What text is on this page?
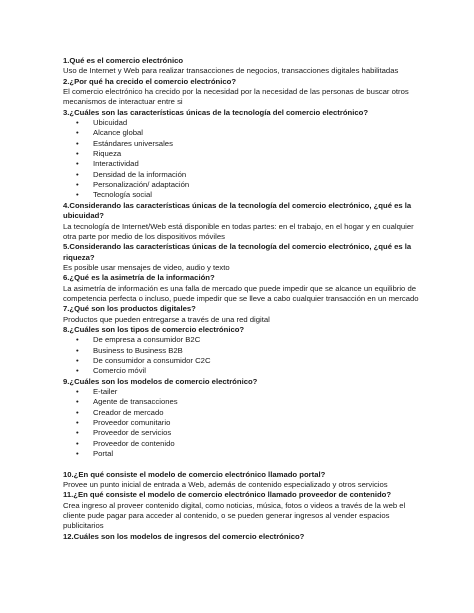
1.Qué es el comercio electrónico
Uso de Internet y Web para realizar transacciones de negocios, transacciones digitales habilitadas
2.¿Por qué ha crecido el comercio electrónico?
El comercio electrónico ha crecido por la necesidad por la necesidad de las personas de buscar otros mecanismos de interactuar entre si
3.¿Cuáles son las características únicas de la tecnología del comercio electrónico?
• Ubicuidad
• Alcance global
• Estándares universales
• Riqueza
• Interactividad
• Densidad de la información
• Personalización/ adaptación
• Tecnología social
4.Considerando las características únicas de la tecnología del comercio electrónico, ¿qué es la ubicuidad?
La tecnología de Internet/Web está disponible en todas partes: en el trabajo, en el hogar y en cualquier otra parte por medio de los dispositivos móviles
5.Considerando las características únicas de la tecnología del comercio electrónico, ¿qué es la riqueza?
Es posible usar mensajes de video, audio y texto
6.¿Qué es la asimetría de la información?
La asimetría de información es una falla de mercado que puede impedir que se alcance un equilibrio de competencia perfecta o incluso, puede impedir que se lleve a cabo cualquier transacción en un mercado
7.¿Qué son los productos digitales?
Productos que pueden entregarse a través de una red digital
8.¿Cuáles son los tipos de comercio electrónico?
• De empresa a consumidor B2C
• Business to Business B2B
• De consumidor a consumidor C2C
• Comercio móvil
9.¿Cuáles son los modelos de comercio electrónico?
• E-tailer
• Agente de transacciones
• Creador de mercado
• Proveedor comunitario
• Proveedor de servicios
• Proveedor de contenido
• Portal
10.¿En qué consiste el modelo de comercio electrónico llamado portal?
Provee un punto inicial de entrada a Web, además de contenido especializado y otros servicios
11.¿En qué consiste el modelo de comercio electrónico llamado proveedor de contenido?
Crea ingreso al proveer contenido digital, como noticias, música, fotos o videos a través de la web el cliente pude pagar para acceder al contenido, o se pueden generar ingresos al vender espacios publicitarios
12.Cuáles son los modelos de ingresos del comercio electrónico?
